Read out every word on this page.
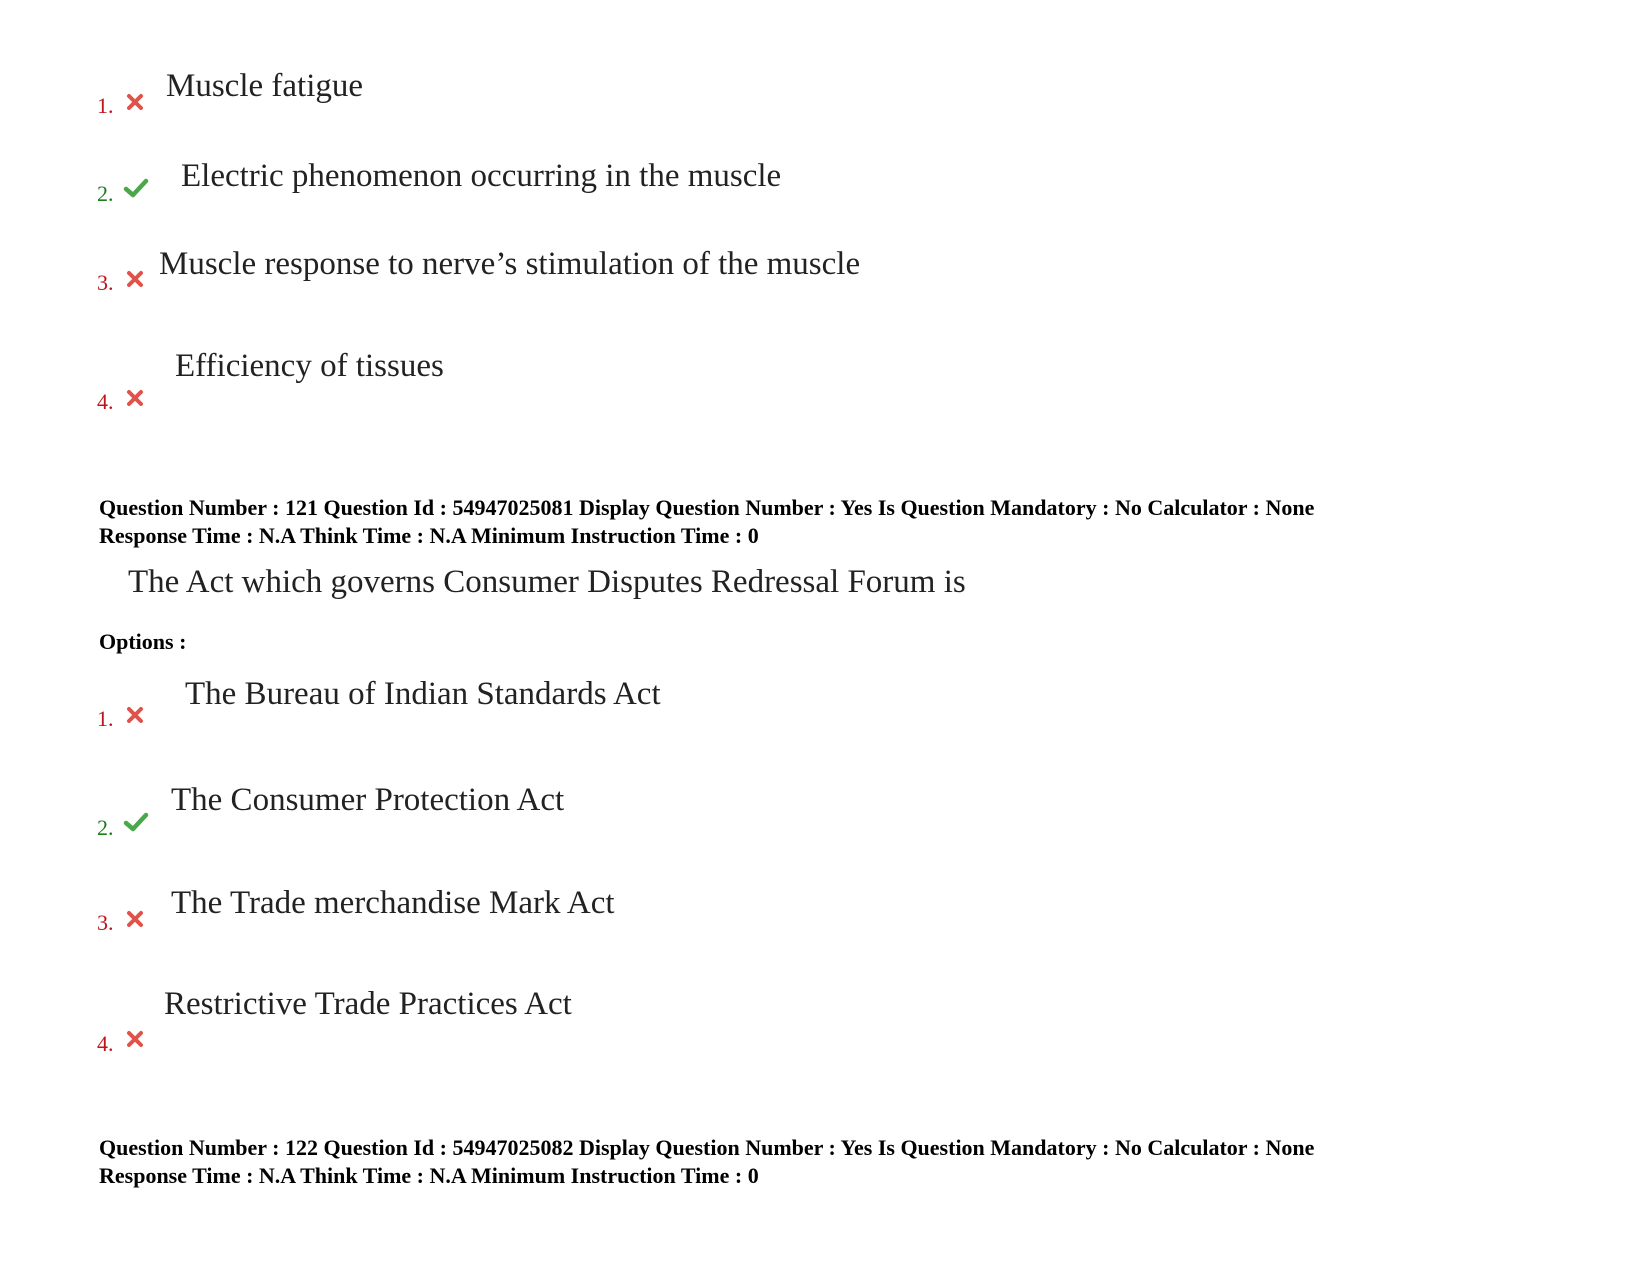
1.
Muscle fatigue
2. Electric phenomenon occurring in the muscle
3.
Muscle response to nerve’s stimulation of the muscle
4.
Efficiency of tissues
Question Number : 121 Question Id : 54947025081 Display Question Number : Yes Is Question Mandatory : No Calculator : None
Response Time : N.A Think Time : N.A Minimum Instruction Time : 0
The Act which governs Consumer Disputes Redressal Forum is
Options :
1.
The Bureau of Indian Standards Act
2.
The Consumer Protection Act
3.
The Trade merchandise Mark Act
4.
Restrictive Trade Practices Act
Question Number : 122 Question Id : 54947025082 Display Question Number : Yes Is Question Mandatory : No Calculator : None
Response Time : N.A Think Time : N.A Minimum Instruction Time : 0
